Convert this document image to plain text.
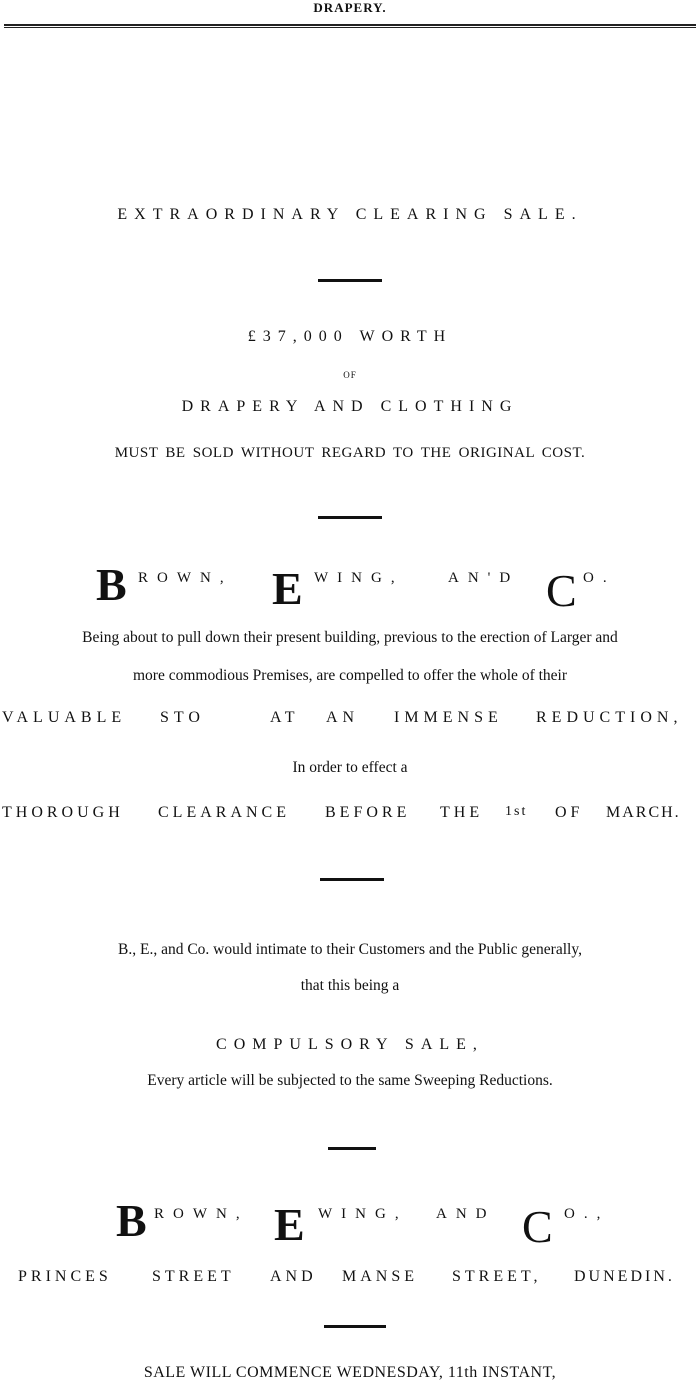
DRAPERY.
EXTRAORDINARY CLEARING SALE.
£37,000 WORTH
OF
DRAPERY AND CLOTHING
MUST BE SOLD WITHOUT REGARD TO THE ORIGINAL COST.
B ROWN, E WING,	AN'D C O.
Being about to pull down their present building, previous to the erection of Larger and
more commodious Premises, are compelled to offer the whole of their
VALUABLE STO	AT AN IMMENSE REDUCTION,
In order to effect a
THOROUGH CLEARANCE BEFORE THE 1st OF MARCH.
B., E., and Co. would intimate to their Customers and the Public generally,
that this being a
COMPULSORY SALE,
Every article will be subjected to the same Sweeping Reductions.
B ROWN, E WING, AND C O.,
PRINCES	STREET AND MANSE STREET, DUNEDIN.
SALE WILL COMMENCE WEDNESDAY, 11th INSTANT,
